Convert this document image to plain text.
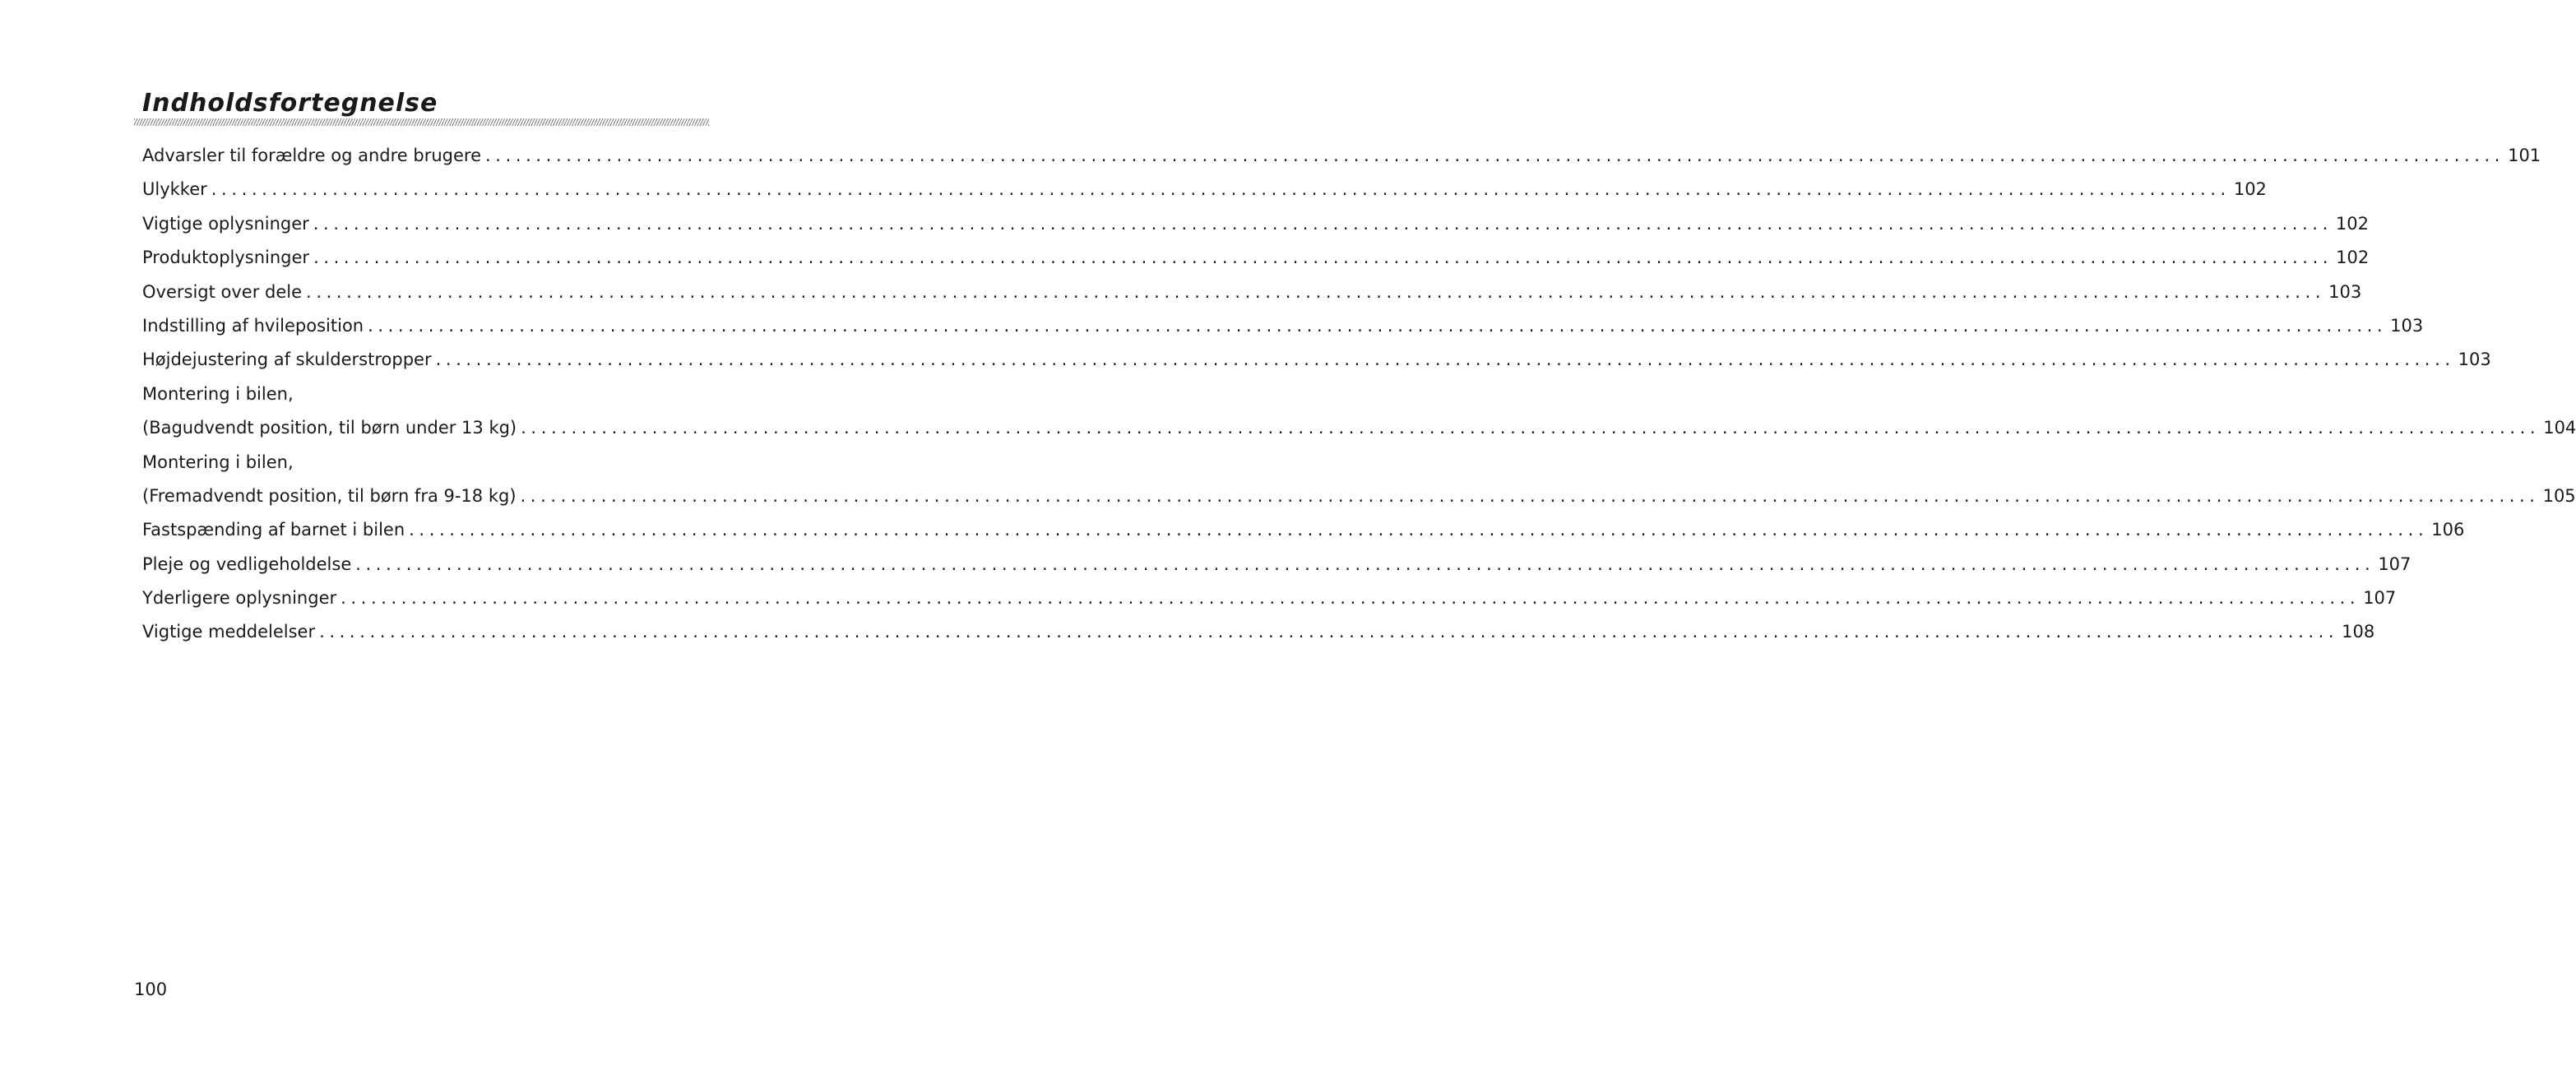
Indholdsfortegnelse
Advarsler til forældre og andre brugere ........................................................................................................................................................................................................ 101
Ulykker ........................................................................................................................................................................................................ 102
Vigtige oplysninger ........................................................................................................................................................................................................ 102
Produktoplysninger ........................................................................................................................................................................................................ 102
Oversigt over dele ........................................................................................................................................................................................................ 103
Indstilling af hvileposition ........................................................................................................................................................................................................ 103
Højdejustering af skulderstropper ........................................................................................................................................................................................................ 103
Montering i bilen,
(Bagudvendt position, til børn under 13 kg) ........................................................................................................................................................................................................ 104
Montering i bilen,
(Fremadvendt position, til børn fra 9-18 kg) ........................................................................................................................................................................................................ 105
Fastspænding af barnet i bilen ........................................................................................................................................................................................................ 106
Pleje og vedligeholdelse ........................................................................................................................................................................................................ 107
Yderligere oplysninger ........................................................................................................................................................................................................ 107
Vigtige meddelelser ........................................................................................................................................................................................................ 108
100
